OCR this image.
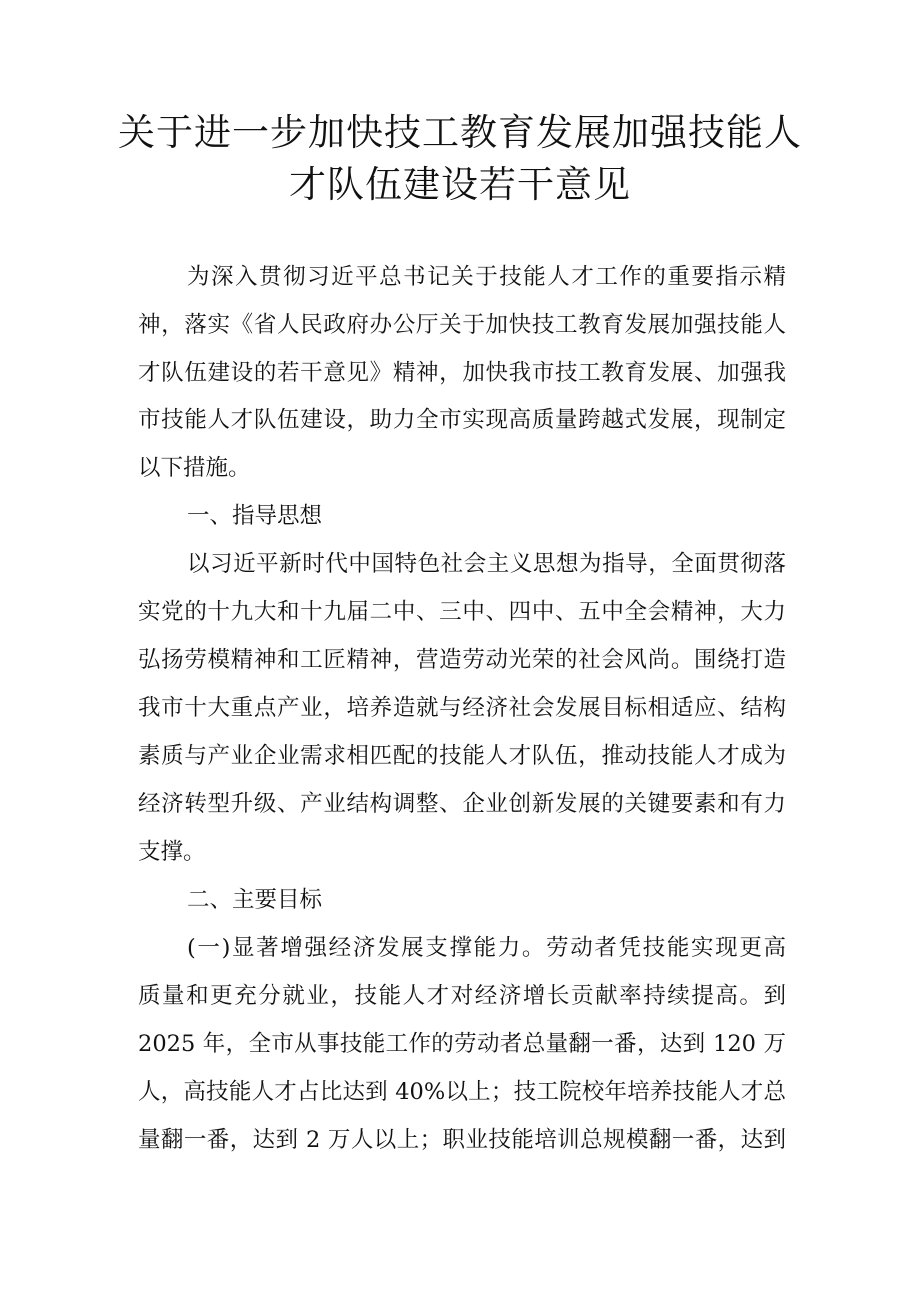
关于进一步加快技工教育发展加强技能人
才队伍建设若干意见
为深入贯彻习近平总书记关于技能人才工作的重要指示精
神，落实《省人民政府办公厅关于加快技工教育发展加强技能人
才队伍建设的若干意见》精神，加快我市技工教育发展、加强我
市技能人才队伍建设，助力全市实现高质量跨越式发展，现制定
以下措施。
一、指导思想
以习近平新时代中国特色社会主义思想为指导，全面贯彻落
实党的十九大和十九届二中、三中、四中、五中全会精神，大力
弘扬劳模精神和工匠精神，营造劳动光荣的社会风尚。围绕打造
我市十大重点产业，培养造就与经济社会发展目标相适应、结构
素质与产业企业需求相匹配的技能人才队伍，推动技能人才成为
经济转型升级、产业结构调整、企业创新发展的关键要素和有力
支撑。
二、主要目标
(一)显著增强经济发展支撑能力。劳动者凭技能实现更高
质量和更充分就业，技能人才对经济增长贡献率持续提高。到
2025 年，全市从事技能工作的劳动者总量翻一番，达到 120 万
人，高技能人才占比达到 40%以上；技工院校年培养技能人才总
量翻一番，达到 2 万人以上；职业技能培训总规模翻一番，达到
